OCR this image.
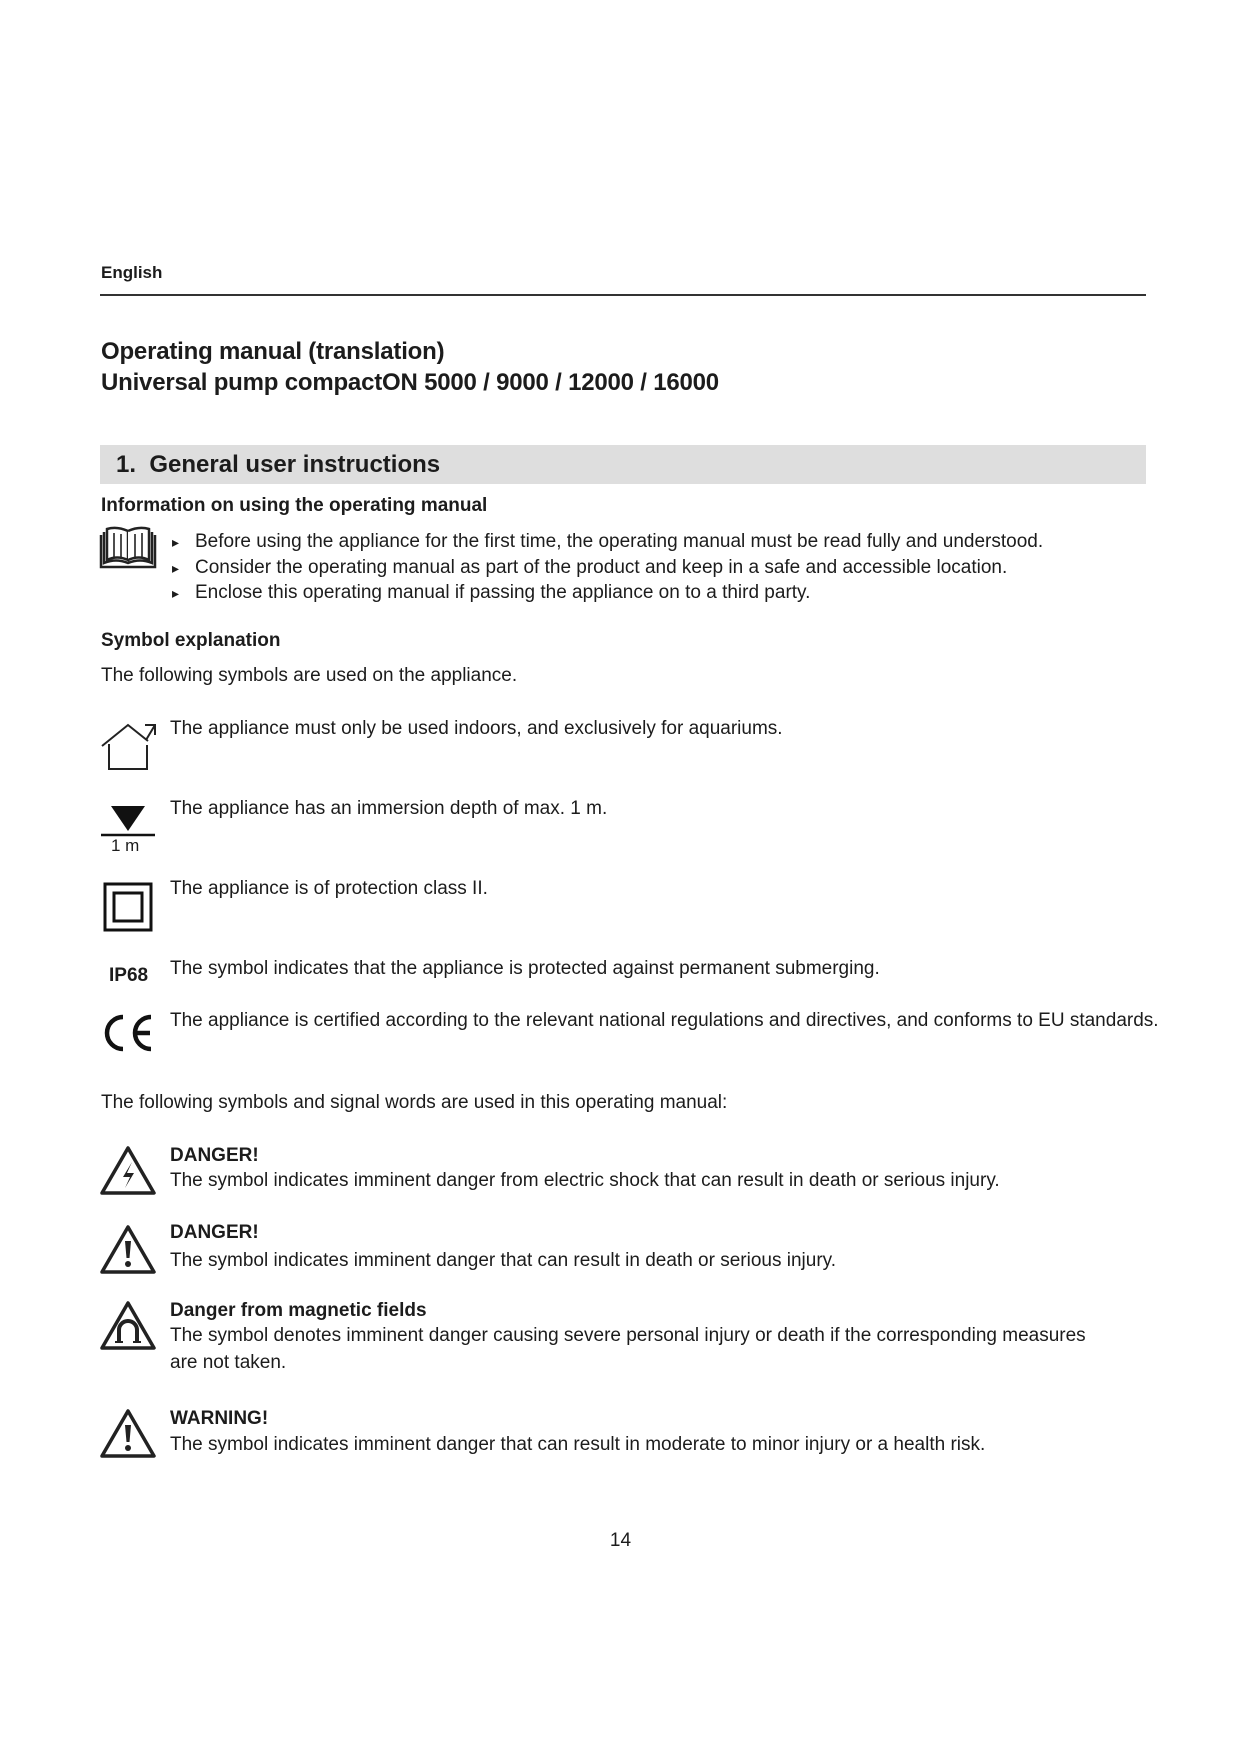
English
Operating manual (translation)
Universal pump compactON 5000 / 9000 / 12000 / 16000
1. General user instructions
Information on using the operating manual
▸ Before using the appliance for the first time, the operating manual must be read fully and understood.
▸ Consider the operating manual as part of the product and keep in a safe and accessible location.
▸ Enclose this operating manual if passing the appliance on to a third party.
Symbol explanation
The following symbols are used on the appliance.
The appliance must only be used indoors, and exclusively for aquariums.
1 m
The appliance has an immersion depth of max. 1 m.
The appliance is of protection class II.
IP68 The symbol indicates that the appliance is protected against permanent submerging.
The appliance is certified according to the relevant national regulations and directives, and conforms to EU standards.
The following symbols and signal words are used in this operating manual:
DANGER!
The symbol indicates imminent danger from electric shock that can result in death or serious injury.
DANGER!
The symbol indicates imminent danger that can result in death or serious injury.
Danger from magnetic fields
The symbol denotes imminent danger causing severe personal injury or death if the corresponding measures are not taken.
WARNING!
The symbol indicates imminent danger that can result in moderate to minor injury or a health risk.
14
